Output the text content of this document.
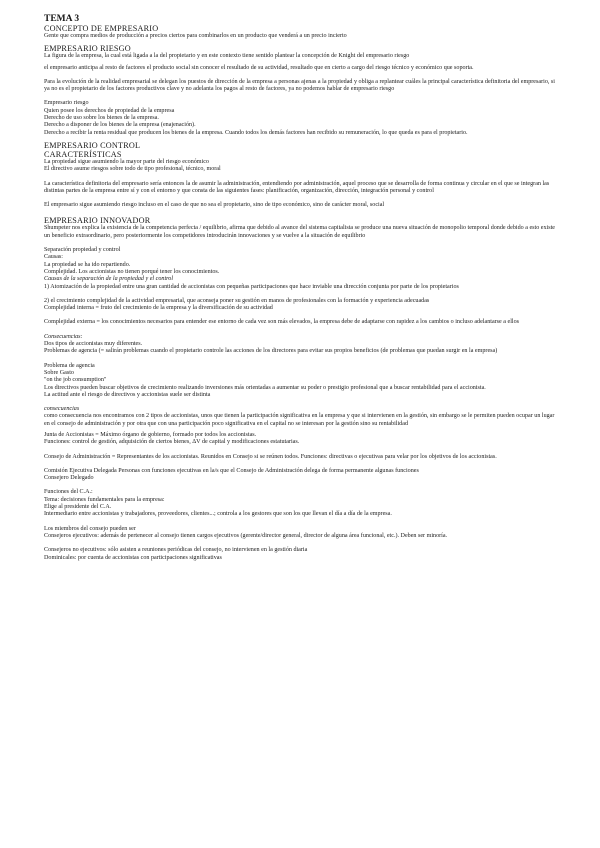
TEMA 3

CONCEPTO DE EMPRESARIO

Gente que compra medios de producción a precios ciertos para combinarlos en un producto que venderá a un precio incierto

EMPRESARIO RIESGO

La figura de la empresa, la cual está ligada a la del propietario y en este contexto tiene sentido plantear la concepción de Knight del empresario riesgo

el empresario anticipa al resto de factores el producto social sin conocer el resultado de su actividad, resultado que en cierto a cargo del riesgo técnico y económico que soporta.

Para la evolución de la realidad empresarial se delegan los puestos de dirección de la empresa a personas ajenas a la propiedad y obliga a replantear cuáles la principal característica definitoria del empresario, si ya no es el propietario de los factores productivos clave y no adelanta los pagos al resto de factores, ya no podemos hablar de empresario riesgo

Empresario riesgo

Quien posee los derechos de propiedad de la empresa

Derecho de uso sobre los bienes de la empresa.

Derecho a disponer de los bienes de la empresa (enajenación).

Derecho a recibir la renta residual que producen los bienes de la empresa. Cuando todos los demás factores han recibido su remuneración, lo que queda es para el propietario.

EMPRESARIO CONTROL

CARACTERÍSTICAS

La propiedad sigue asumiendo la mayor parte del riesgo económico

El directivo asume riesgos sobre todo de tipo profesional, técnico, moral

La característica definitoria del empresario sería entonces la de asumir la administración, entendiendo por administración, aquel proceso que se desarrolla de forma continua y circular en el que se integran las distintas partes de la empresa entre sí y con el entorno y que consta de las siguientes fases: planificación, organización, dirección, integración personal y control

El empresario sigue asumiendo riesgo incluso en el caso de que no sea el propietario, sino de tipo económico, sino de carácter moral, social

EMPRESARIO INNOVADOR

Shumpeter nos explica la existencia de la competencia perfecta / equilibrio, afirma que debido al avance del sistema capitalista se produce una nueva situación de monopolio temporal donde debido a esto existe un beneficio extraordinario, pero posteriormente los competidores introducirán innovaciones y se vuelve a la situación de equilibrio

Separación propiedad y control

Causas:

La propiedad se ha ido repartiendo.

Complejidad. Los accionistas no tienen porqué tener los conocimientos.

Causas de la separación de la propiedad y el control

1) Atomización de la propiedad entre una gran cantidad de accionistas con pequeñas participaciones que hace inviable una dirección conjunta por parte de los propietarios

2) el crecimiento complejidad de la actividad empresarial, que aconseja poner su gestión en manos de profesionales con la formación y experiencia adecuadas

Complejidad interna = fruto del crecimiento de la empresa y la diversificación de su actividad

Complejidad externa = los conocimientos necesarios para entender ese entorno de cada vez son más elevados, la empresa debe de adaptarse con rapidez a los cambios o incluso adelantarse a ellos

Consecuencias:

Dos tipos de accionistas muy diferentes.

Problemas de agencia (= salirán problemas cuando el propietario controle las acciones de los directores para evitar sus propios beneficios (de problemas que puedan surgir en la empresa)

Problema de agencia

Sobre Gasto

"on the job consumption"

Los directivos pueden buscar objetivos de crecimiento realizando inversiones más orientadas a aumentar su poder o prestigio profesional que a buscar rentabilidad para el accionista.

La actitud ante el riesgo de directivos y accionistas suele ser distinta

consecuencias

como consecuencia nos encontramos con 2 tipos de accionistas, unos que tienen la participación significativa en la empresa y que si intervienen en la gestión, sin embargo se le permiten pueden ocupar un lugar en el consejo de administración y por otra que con una participación poco significativa en el capital no se interesan por la gestión sino su rentabilidad

Junta de Accionistas = Máximo órgano de gobierno, formado por todos los accionistas.

Funciones: control de gestión, adquisición de ciertos bienes, ΔV de capital y modificaciones estatutarias.

Consejo de Administración = Representantes de los accionistas. Reunidos en Consejo si se reúnen todos. Funciones: directivas o ejecutivas para velar por los objetivos de los accionistas.

Comisión Ejecutiva Delegada Personas con funciones ejecutivas en la/s que el Consejo de Administración delega de forma permanente algunas funciones

Consejero Delegado

Funciones del C.A.:

Tema: decisiones fundamentales para la empresa:

Elige al presidente del C.A.

Intermediario entre accionistas y trabajadores, proveedores, clientes...; controla a los gestores que son los que llevan el día a día de la empresa.

Los miembros del consejo pueden ser

Consejeros ejecutivos: además de pertenecer al consejo tienen cargos ejecutivos (gerente/director general, director de alguna área funcional, etc.). Deben ser minoría.

Consejeros no ejecutivos: sólo asisten a reuniones periódicas del consejo, no intervienen en la gestión diaria

Dominicales: por cuenta de accionistas con participaciones significativas
